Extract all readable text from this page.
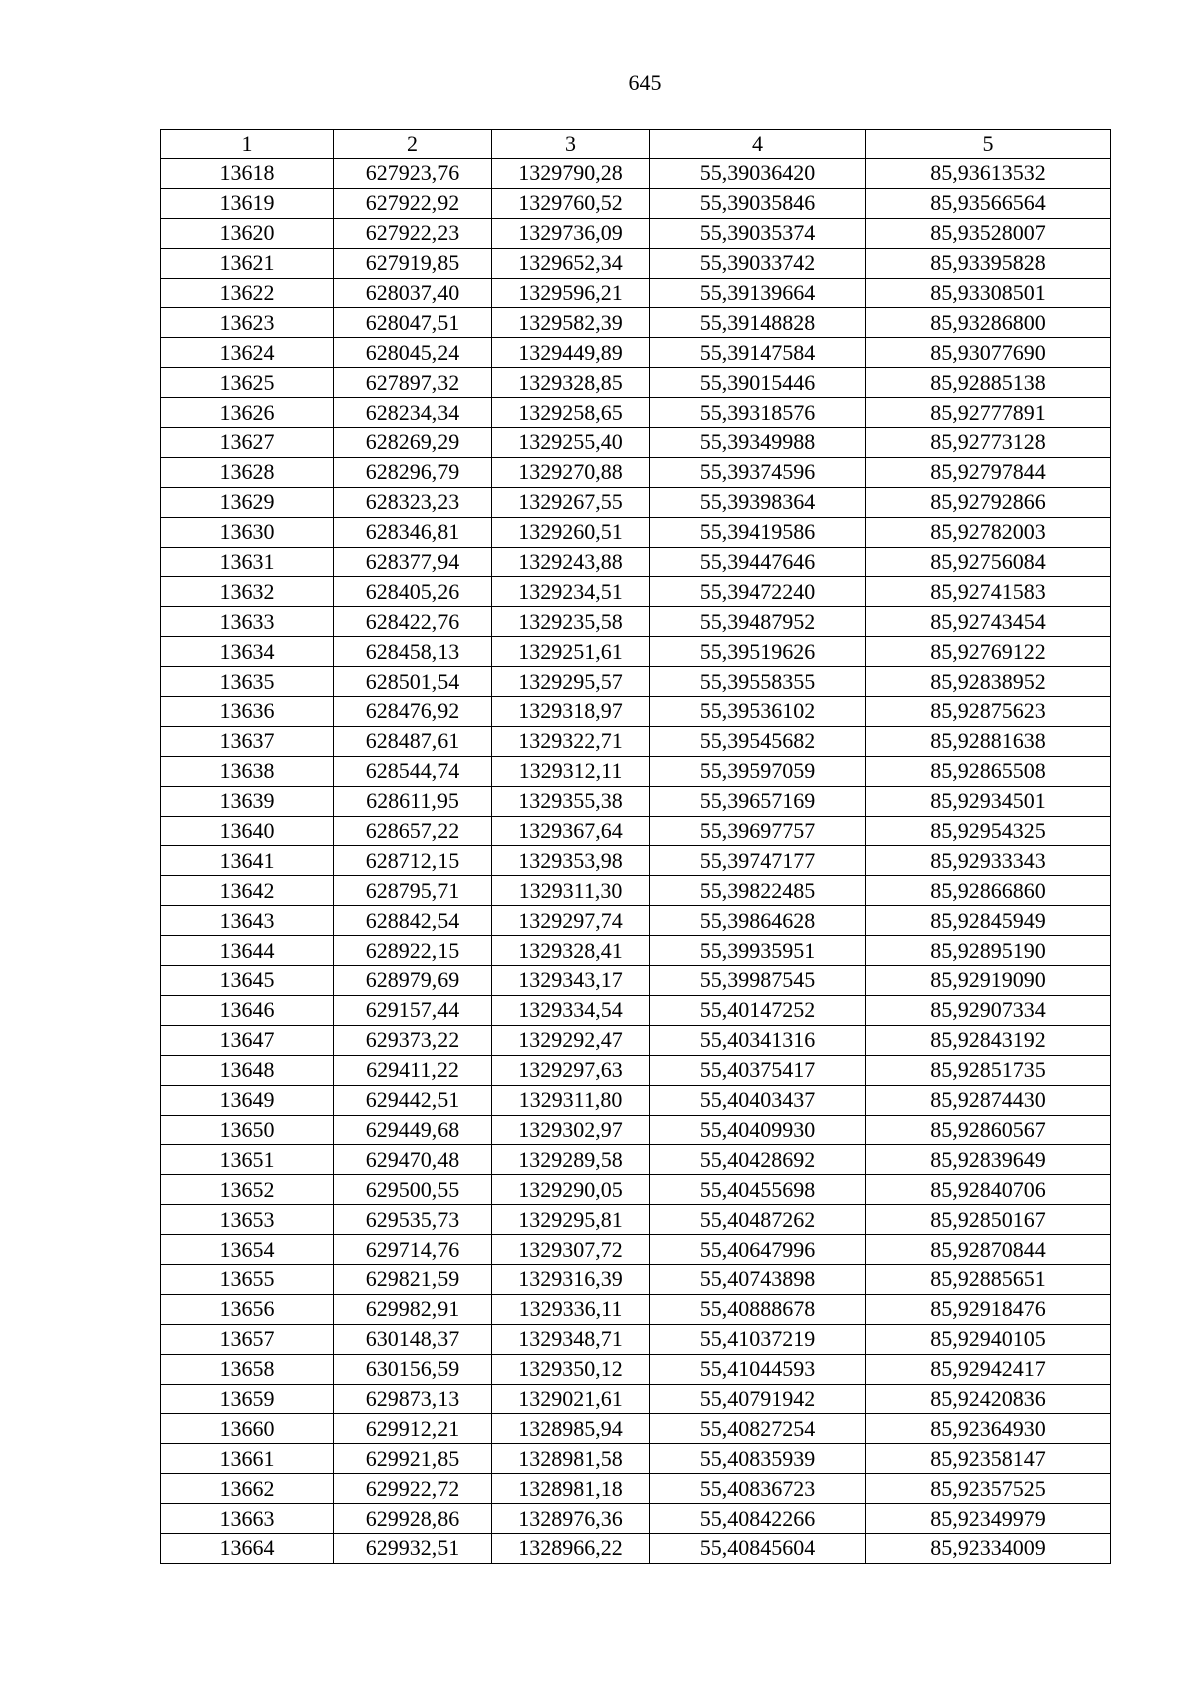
645
1	2	3	4	5
13618	627923,76	1329790,28	55,39036420	85,93613532
13619	627922,92	1329760,52	55,39035846	85,93566564
13620	627922,23	1329736,09	55,39035374	85,93528007
13621	627919,85	1329652,34	55,39033742	85,93395828
13622	628037,40	1329596,21	55,39139664	85,93308501
13623	628047,51	1329582,39	55,39148828	85,93286800
13624	628045,24	1329449,89	55,39147584	85,93077690
13625	627897,32	1329328,85	55,39015446	85,92885138
13626	628234,34	1329258,65	55,39318576	85,92777891
13627	628269,29	1329255,40	55,39349988	85,92773128
13628	628296,79	1329270,88	55,39374596	85,92797844
13629	628323,23	1329267,55	55,39398364	85,92792866
13630	628346,81	1329260,51	55,39419586	85,92782003
13631	628377,94	1329243,88	55,39447646	85,92756084
13632	628405,26	1329234,51	55,39472240	85,92741583
13633	628422,76	1329235,58	55,39487952	85,92743454
13634	628458,13	1329251,61	55,39519626	85,92769122
13635	628501,54	1329295,57	55,39558355	85,92838952
13636	628476,92	1329318,97	55,39536102	85,92875623
13637	628487,61	1329322,71	55,39545682	85,92881638
13638	628544,74	1329312,11	55,39597059	85,92865508
13639	628611,95	1329355,38	55,39657169	85,92934501
13640	628657,22	1329367,64	55,39697757	85,92954325
13641	628712,15	1329353,98	55,39747177	85,92933343
13642	628795,71	1329311,30	55,39822485	85,92866860
13643	628842,54	1329297,74	55,39864628	85,92845949
13644	628922,15	1329328,41	55,39935951	85,92895190
13645	628979,69	1329343,17	55,39987545	85,92919090
13646	629157,44	1329334,54	55,40147252	85,92907334
13647	629373,22	1329292,47	55,40341316	85,92843192
13648	629411,22	1329297,63	55,40375417	85,92851735
13649	629442,51	1329311,80	55,40403437	85,92874430
13650	629449,68	1329302,97	55,40409930	85,92860567
13651	629470,48	1329289,58	55,40428692	85,92839649
13652	629500,55	1329290,05	55,40455698	85,92840706
13653	629535,73	1329295,81	55,40487262	85,92850167
13654	629714,76	1329307,72	55,40647996	85,92870844
13655	629821,59	1329316,39	55,40743898	85,92885651
13656	629982,91	1329336,11	55,40888678	85,92918476
13657	630148,37	1329348,71	55,41037219	85,92940105
13658	630156,59	1329350,12	55,41044593	85,92942417
13659	629873,13	1329021,61	55,40791942	85,92420836
13660	629912,21	1328985,94	55,40827254	85,92364930
13661	629921,85	1328981,58	55,40835939	85,92358147
13662	629922,72	1328981,18	55,40836723	85,92357525
13663	629928,86	1328976,36	55,40842266	85,92349979
13664	629932,51	1328966,22	55,40845604	85,92334009
